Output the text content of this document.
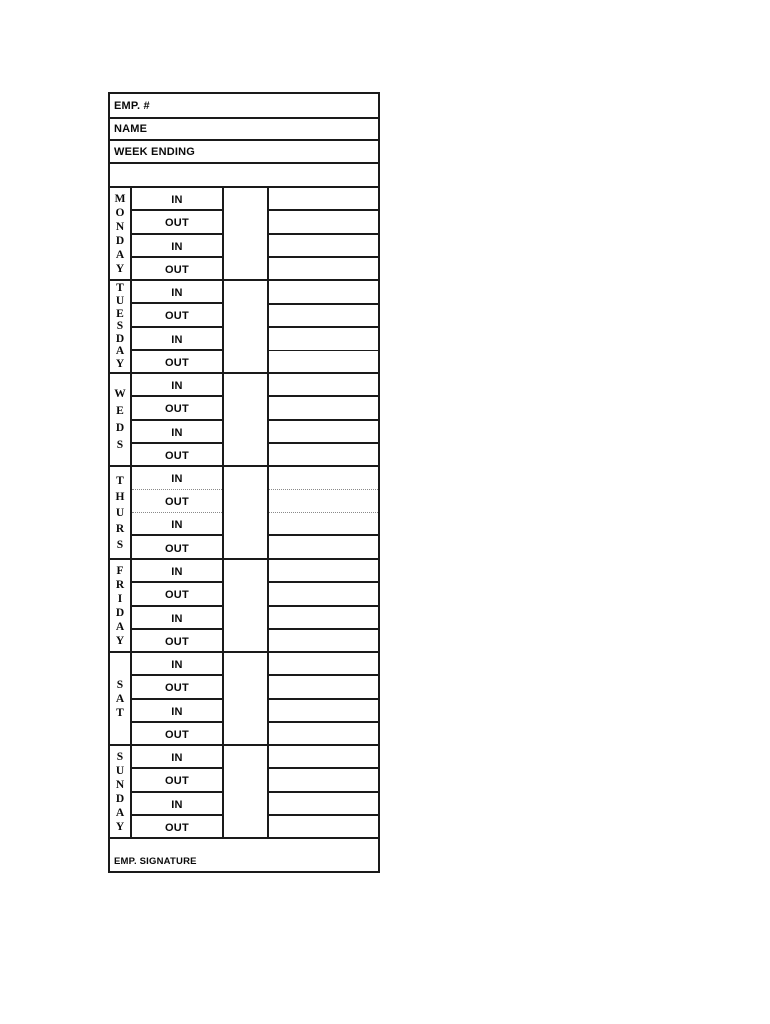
EMP. #
NAME
WEEK ENDING
M
O
N
D
A
Y
IN
OUT
IN
OUT
T
U
E
S
D
A
Y
IN
OUT
IN
OUT
W
E
D
S
IN
OUT
IN
OUT
T
H
U
R
S
IN
OUT
IN
OUT
F
R
I
D
A
Y
IN
OUT
IN
OUT
S
A
T
IN
OUT
IN
OUT
S
U
N
D
A
Y
IN
OUT
IN
OUT
EMP. SIGNATURE
